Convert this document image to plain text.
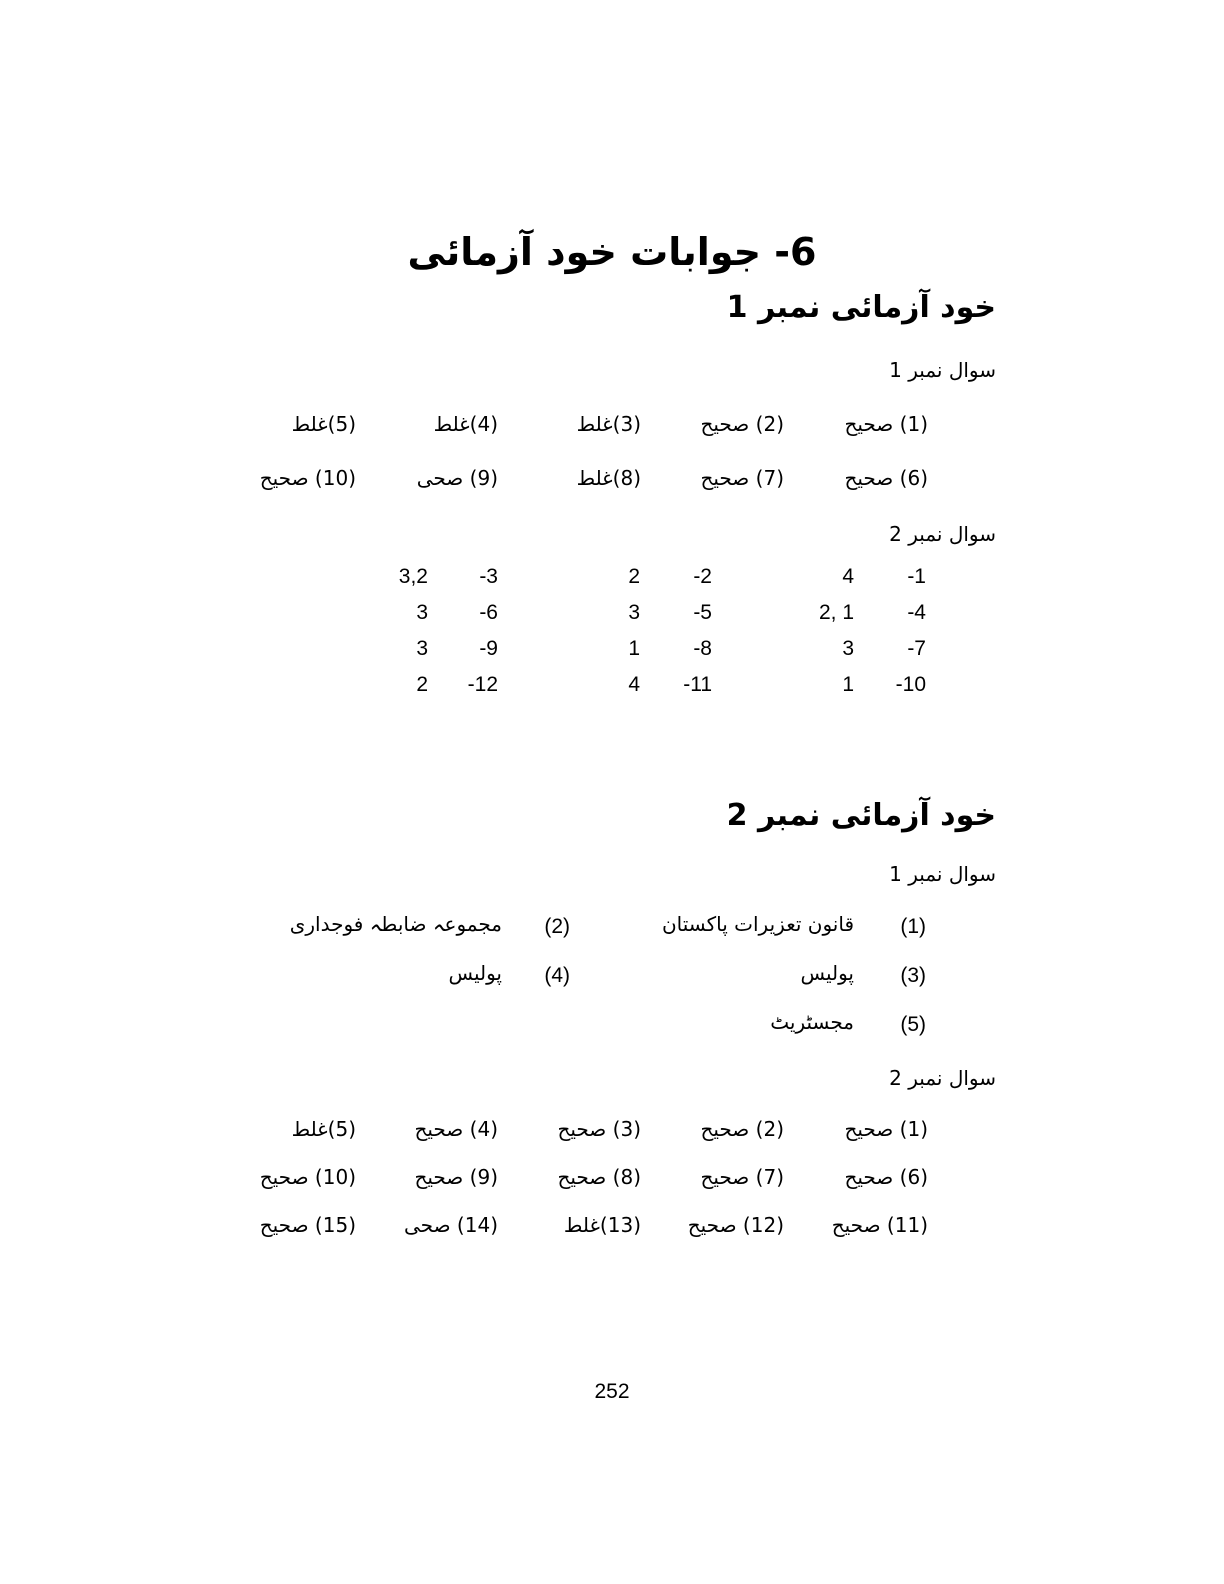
6- جوابات خود آزمائی
خود آزمائی نمبر 1
سوال نمبر 1
(1) صحیح
(2) صحیح
(3)غلط
(4)غلط
(5)غلط
(6) صحیح
(7) صحیح
(8)غلط
(9) صحی
(10) صحیح
سوال نمبر 2
-1
4
-2
2
-3
3,2
-4
2, 1
-5
3
-6
3
-7
3
-8
1
-9
3
-10
1
-11
4
-12
2
خود آزمائی نمبر 2
سوال نمبر 1
(1)
قانون تعزیرات پاکستان
(2)
مجموعہ ضابطہ فوجداری
(3)
پولیس
(4)
پولیس
(5)
مجسٹریٹ
سوال نمبر 2
(1) صحیح
(2) صحیح
(3) صحیح
(4) صحیح
(5)غلط
(6) صحیح
(7) صحیح
(8) صحیح
(9) صحیح
(10) صحیح
(11) صحیح
(12) صحیح
(13)غلط
(14) صحی
(15) صحیح
252
